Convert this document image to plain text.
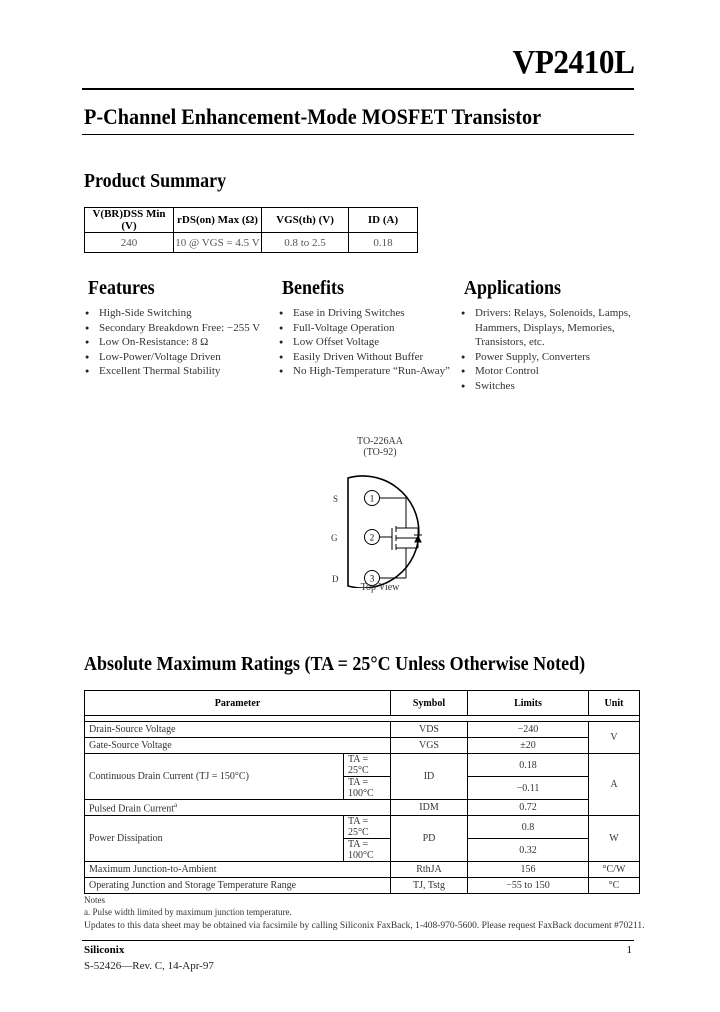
VP2410L
P-Channel Enhancement-Mode MOSFET Transistor
Product Summary
V(BR)DSS Min (V)	rDS(on) Max (Ω)	VGS(th) (V)	ID (A)
240	10 @ VGS = 4.5 V	0.8 to 2.5	0.18
Features
● High-Side Switching
● Secondary Breakdown Free: −255 V
● Low On-Resistance: 8 Ω
● Low-Power/Voltage Driven
● Excellent Thermal Stability
Benefits
● Ease in Driving Switches
● Full-Voltage Operation
● Low Offset Voltage
● Easily Driven Without Buffer
● No High-Temperature “Run-Away”
Applications
● Drivers: Relays, Solenoids, Lamps, Hammers, Displays, Memories, Transistors, etc.
● Power Supply, Converters
● Motor Control
● Switches
TO-226AA
(TO-92)
1
2
3
S
G
D
Top View
Absolute Maximum Ratings (TA = 25°C Unless Otherwise Noted)
Parameter		Symbol	Limits	Unit

Drain-Source Voltage		VDS	−240	V
Gate-Source Voltage		VGS	±20	
Continuous Drain Current (TJ = 150°C)	TA = 25°C	ID	0.18	A
	TA = 100°C		−0.11	
Pulsed Drain Current$^a$		IDM	0.72	
Power Dissipation	TA = 25°C	PD	0.8	W
	TA = 100°C		0.32	
Maximum Junction-to-Ambient		RthJA	156	°C/W
Operating Junction and Storage Temperature Range		TJ, Tstg	−55 to 150	°C
Notes
a. Pulse width limited by maximum junction temperature.
Updates to this data sheet may be obtained via facsimile by calling Siliconix FaxBack, 1-408-970-5600. Please request FaxBack document #70211.
Siliconix
S-52426—Rev. C, 14-Apr-97
1
